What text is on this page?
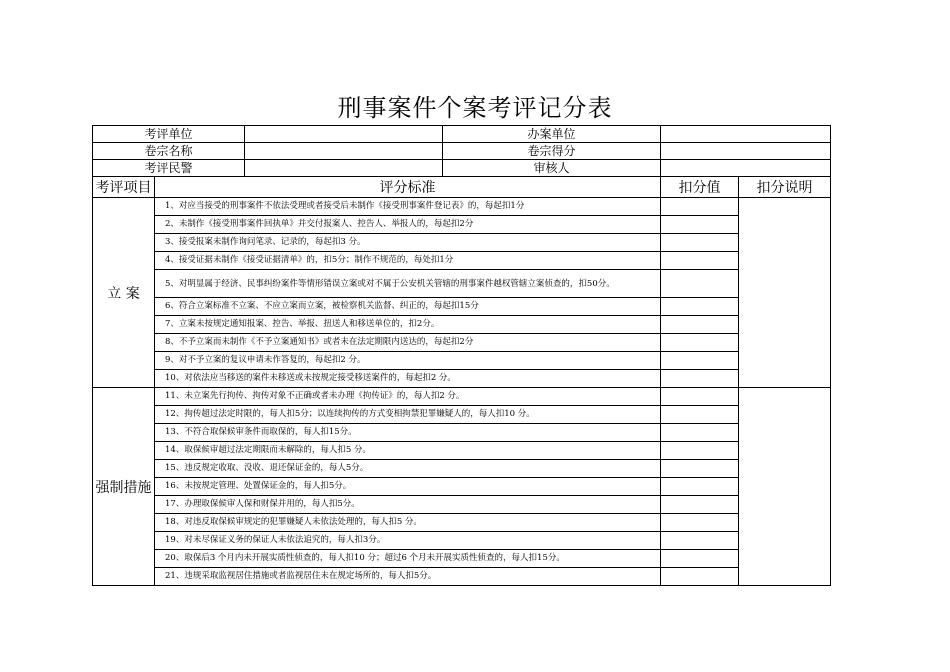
刑事案件个案考评记分表
考评单位			办案单位		
卷宗名称			卷宗得分		
考评民警			审核人		
考评项目	评分标准			扣分值	扣分说明
立 案	1、对应当接受的刑事案件不依法受理或者接受后未制作《接受刑事案件登记表》的，每起扣1分				
	2、未制作《接受刑事案件回执单》并交付报案人、控告人、举报人的，每起扣2分				
	3、接受报案未制作询问笔录、记录的，每起扣3 分。				
	4、接受证据未制作《接受证据清单》的，扣5分；制作不规范的，每处扣1分				
	5、对明显属于经济、民事纠纷案件等情形错误立案或对不属于公安机关管辖的刑事案件越权管辖立案侦查的，扣50分。				
	6、符合立案标准不立案、不应立案而立案，被检察机关监督、纠正的，每起扣15分				
	7、立案未按规定通知报案、控告、举报、扭送人和移送单位的，扣2分。				
	8、不予立案而未制作《不予立案通知书》或者未在法定期限内送达的，每起扣2分				
	9、对不予立案的复议申请未作答复的，每起扣2 分。				
	10、对依法应当移送的案件未移送或未按规定接受移送案件的，每起扣2 分。				
强制措施	11、未立案先行拘传、拘传对象不正确或者未办理《拘传证》的，每人扣2 分。				
	12、拘传超过法定时限的，每人扣5分；以连续拘传的方式变相拘禁犯罪嫌疑人的，每人扣10 分。				
	13、不符合取保候审条件而取保的，每人扣15分。				
	14、取保候审超过法定期限而未解除的，每人扣5 分。				
	15、违反规定收取、没收、退还保证金的，每人5分。				
	16、未按规定管理、处置保证金的，每人扣5分。				
	17、办理取保候审人保和财保并用的，每人扣5分。				
	18、对违反取保候审规定的犯罪嫌疑人未依法处理的，每人扣5 分。				
	19、对未尽保证义务的保证人未依法追究的，每人扣3分。				
	20、取保后3 个月内未开展实质性侦查的，每人扣10 分；超过6 个月未开展实质性侦查的，每人扣15分。				
	21、违规采取监视居住措施或者监视居住未在规定场所的，每人扣5分。				
